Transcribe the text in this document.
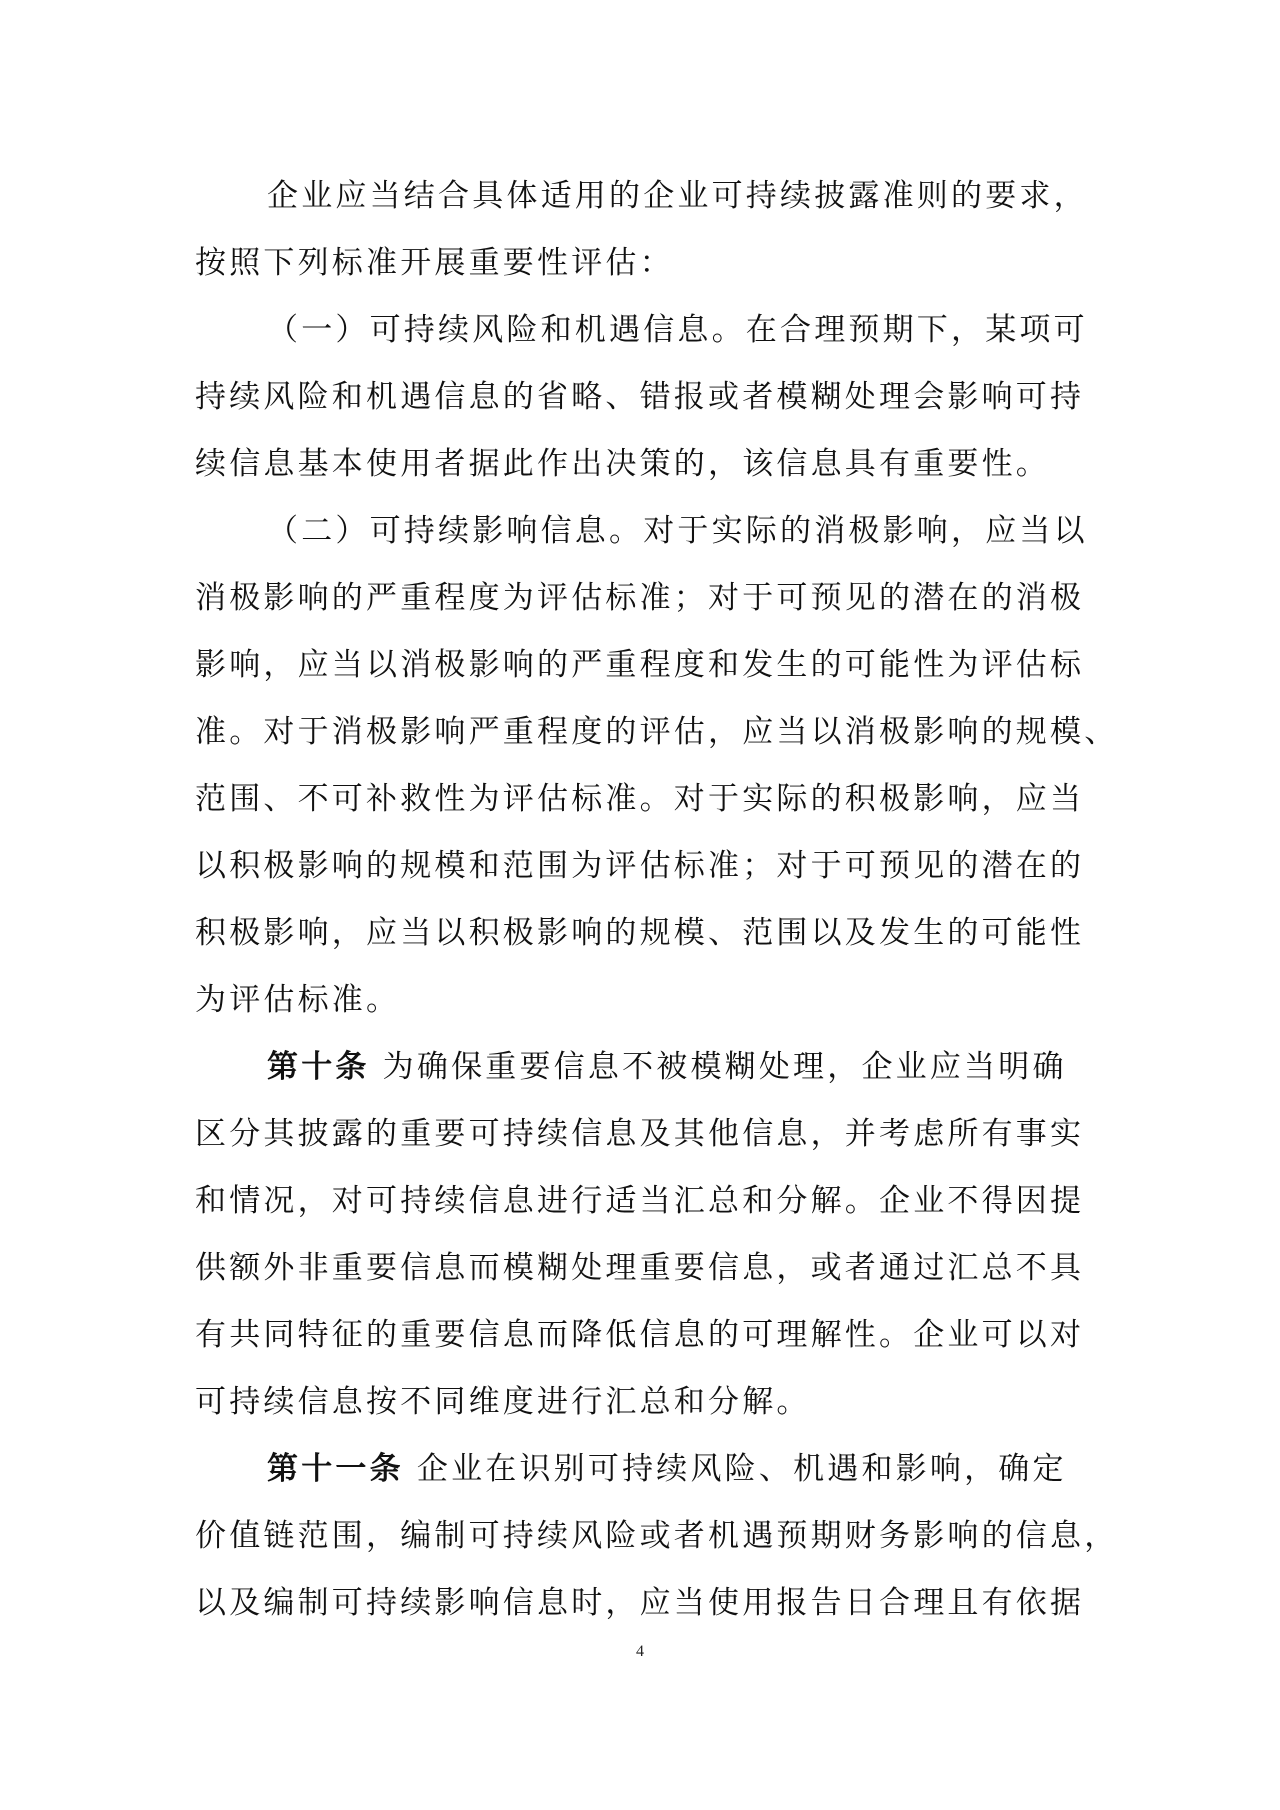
企业应当结合具体适用的企业可持续披露准则的要求，
按照下列标准开展重要性评估：
（一）可持续风险和机遇信息。在合理预期下，某项可
持续风险和机遇信息的省略、错报或者模糊处理会影响可持
续信息基本使用者据此作出决策的，该信息具有重要性。
（二）可持续影响信息。对于实际的消极影响，应当以
消极影响的严重程度为评估标准；对于可预见的潜在的消极
影响，应当以消极影响的严重程度和发生的可能性为评估标
准。对于消极影响严重程度的评估，应当以消极影响的规模、
范围、不可补救性为评估标准。对于实际的积极影响，应当
以积极影响的规模和范围为评估标准；对于可预见的潜在的
积极影响，应当以积极影响的规模、范围以及发生的可能性
为评估标准。
第十条 为确保重要信息不被模糊处理，企业应当明确
区分其披露的重要可持续信息及其他信息，并考虑所有事实
和情况，对可持续信息进行适当汇总和分解。企业不得因提
供额外非重要信息而模糊处理重要信息，或者通过汇总不具
有共同特征的重要信息而降低信息的可理解性。企业可以对
可持续信息按不同维度进行汇总和分解。
第十一条 企业在识别可持续风险、机遇和影响，确定
价值链范围，编制可持续风险或者机遇预期财务影响的信息，
以及编制可持续影响信息时，应当使用报告日合理且有依据
4
